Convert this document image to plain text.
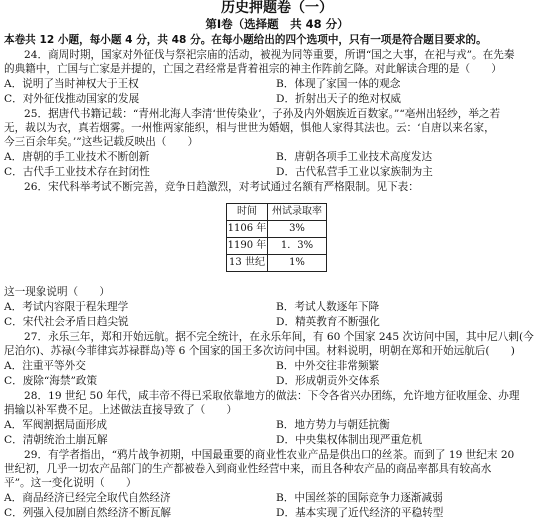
历史押题卷（一）
第Ⅰ卷（选择题　共 48 分）
本卷共 12 小题，每小题 4 分，共 48 分。在每小题给出的四个选项中，只有一项是符合题目要求的。
24．商周时期，国家对外征伐与祭祀宗庙的活动，被视为同等重要，所谓“国之大事，在祀与戎”。在先秦
的典籍中，亡国与亡家是并提的，亡国之君经常是背着祖宗的神主作阵前乞降。对此解读合理的是（　　）
A．说明了当时神权大于王权	B．体现了家国一体的观念
C．对外征伐推动国家的发展	D．折射出天子的绝对权威
25．据唐代书籍记载：“青州北海人李清‘世传染业’，子孙及内外姻族近百数家。”“亳州出轻纱，举之若
无，裁以为衣，真若烟雾。一州惟两家能织，相与世世为婚姻，惧他人家得其法也。云：‘自唐以来名家，
今三百余年矣。’”这些记载反映出（　　）
A．唐朝的手工业技术不断创新	B．唐朝各项手工业技术高度发达
C．古代手工业技术存在封闭性	D．古代私营手工业以家族制为主
26．宋代科举考试不断完善，竞争日趋激烈，对考试通过名额有严格限制。见下表：
时间	州试录取率
1106 年	3%
1190 年	1．3%
13 世纪	1%
这一现象说明（　　）
A．考试内容限于程朱理学	B．考试人数逐年下降
C．宋代社会矛盾日趋尖锐	D．精英教育不断强化
27．永乐三年，郑和开始远航。据不完全统计，在永乐年间，有 60 个国家 245 次访问中国，其中尼八剌(今
尼泊尔)、苏禄(今菲律宾苏禄群岛)等 6 个国家的国王多次访问中国。材料说明，明朝在郑和开始远航后(　　)
A．注重平等外交	B．中外交往非常频繁
C．废除“海禁”政策	D．形成朝贡外交体系
28．19 世纪 50 年代，咸丰帝不得已采取依靠地方的做法：下令各省兴办团练，允许地方征收厘金、办理
捐输以补军费不足。上述做法直接导致了（　　）
A．军阀割据局面形成	B．地方势力与朝廷抗衡
C．清朝统治土崩瓦解	D．中央集权体制出现严重危机
29．有学者指出，“鸦片战争初期，中国最重要的商业性农业产品是供出口的丝茶。而到了 19 世纪末 20
世纪初，几乎一切农产品部门的生产都被卷入到商业性经营中来，而且各种农产品的商品率都具有较高水
平”。这一变化说明（　　）
A．商品经济已经完全取代自然经济	B．中国丝茶的国际竞争力逐渐减弱
C．列强入侵加剧自然经济不断瓦解	D．基本实现了近代经济的平稳转型
